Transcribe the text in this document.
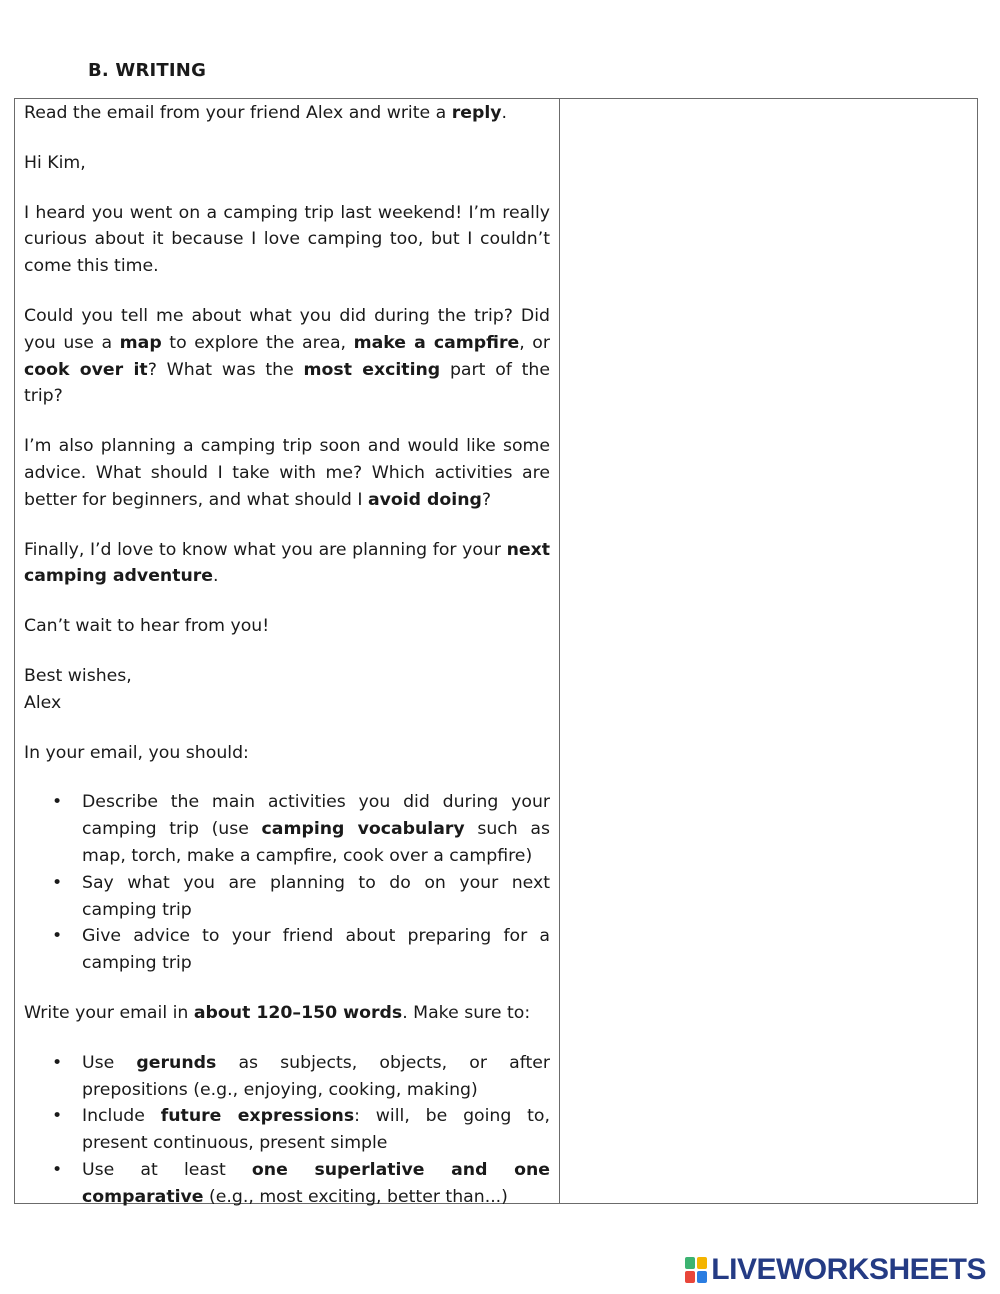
B. WRITING

Read the email from your friend Alex and write a reply.

Hi Kim,

I heard you went on a camping trip last weekend! I’m really curious about it because I love camping too, but I couldn’t come this time.

Could you tell me about what you did during the trip? Did you use a map to explore the area, make a campfire, or cook over it? What was the most exciting part of the trip?

I’m also planning a camping trip soon and would like some advice. What should I take with me? Which activities are better for beginners, and what should I avoid doing?

Finally, I’d love to know what you are planning for your next camping adventure.

Can’t wait to hear from you!

Best wishes,

Alex

In your email, you should:

• Describe the main activities you did during your camping trip (use camping vocabulary such as map, torch, make a campfire, cook over a campfire)
• Say what you are planning to do on your next camping trip
• Give advice to your friend about preparing for a camping trip

Write your email in about 120–150 words. Make sure to:

• Use gerunds as subjects, objects, or after prepositions (e.g., enjoying, cooking, making)
• Include future expressions: will, be going to, present continuous, present simple
• Use at least one superlative and one comparative (e.g., most exciting, better than...)
LIVEWORKSHEETS
